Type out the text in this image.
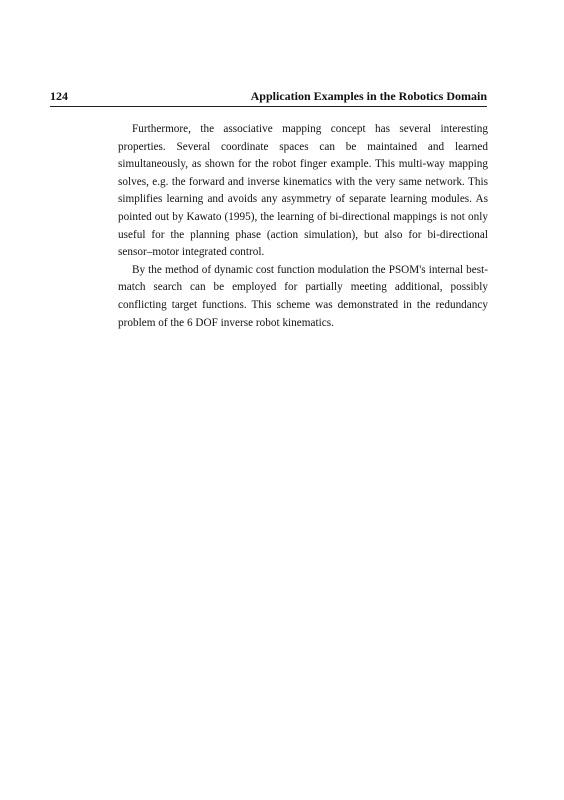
124	Application Examples in the Robotics Domain

Furthermore, the associative mapping concept has several interesting properties. Several coordinate spaces can be maintained and learned simultaneously, as shown for the robot finger example. This multi-way mapping solves, e.g. the forward and inverse kinematics with the very same network. This simplifies learning and avoids any asymmetry of separate learning modules. As pointed out by Kawato (1995), the learning of bi-directional mappings is not only useful for the planning phase (action simulation), but also for bi-directional sensor–motor integrated control.

By the method of dynamic cost function modulation the PSOM's internal best-match search can be employed for partially meeting additional, possibly conflicting target functions. This scheme was demonstrated in the redundancy problem of the 6 DOF inverse robot kinematics.
